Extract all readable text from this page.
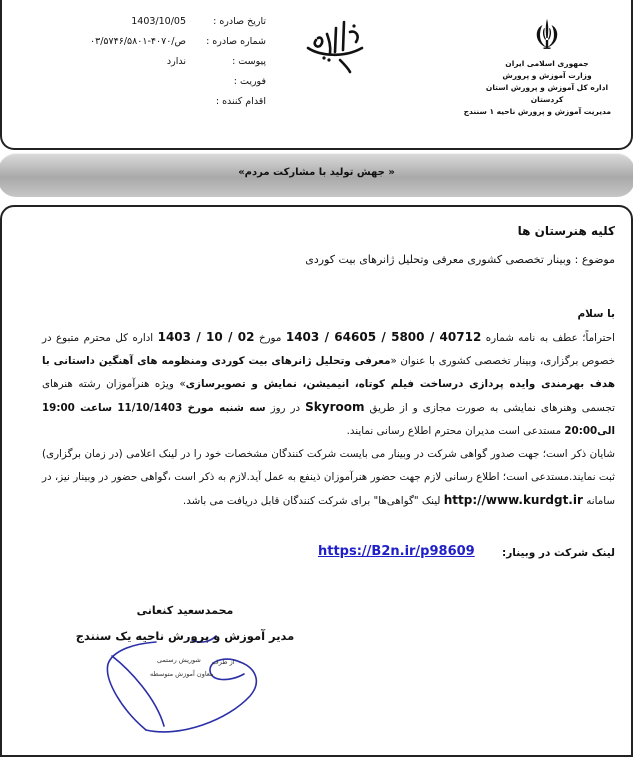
جمهوری اسلامی ایران
وزارت آموزش و پرورش
اداره کل آموزش و پرورش استان
کردستان
مدیریت آموزش و پرورش ناحیه ۱ سنندج
تاریخ صادره :
1403/10/05
شماره صادره :
۰۳/۵۷۴۶/۵۸۰۱-۴۰۷۰/ص
پیوست :
ندارد
فوریت :
اقدام کننده :
« جهش تولید با مشارکت مردم»
کلیه هنرستان ها
موضوع : وبینار تخصصی کشوری معرفی وتحلیل ژانرهای بیت کوردی
با سلام
احتراماً؛ عطف به نامه شماره 40712 / 5800 / 64605 / 1403 مورخ 02 / 10 / 1403 اداره کل محترم متبوع در خصوص برگزاری، وبینار تخصصی کشوری با عنوان «معرفی وتحلیل ژانرهای بیت کوردی ومنظومه های آهنگین داستانی با هدف بهرمندی وایده پردازی درساخت فیلم کوتاه، انیمیشن، نمایش و تصویرسازی» ویژه هنرآموزان رشته هنرهای تجسمی وهنرهای نمایشی به صورت مجازی و از طریق Skyroom در روز سه شنبه مورخ 11/10/1403 ساعت 19:00 الی20:00 مستدعی است مدیران محترم اطلاع رسانی نمایند.
شایان ذکر است؛ جهت صدور گواهی شرکت در وبینار می بایست شرکت کنندگان مشخصات خود را در لینک اعلامی (در زمان برگزاری) ثبت نمایند.مستدعی است؛ اطلاع رسانی لازم جهت حضور هنرآموزان ذینفع به عمل آید.لازم به ذکر است ،گواهی حضور در وبینار نیز، در سامانه http://www.kurdgt.ir لینک "گواهی‌ها" برای شرکت کنندگان قابل دریافت می باشد.
لینک شرکت در وبینار:
https://B2n.ir/p98609
محمدسعید کنعانی
مدیر آموزش و پرورش ناحیه یک سنندج
از طرف
شوریش رستمی
معاون آموزش متوسطه
